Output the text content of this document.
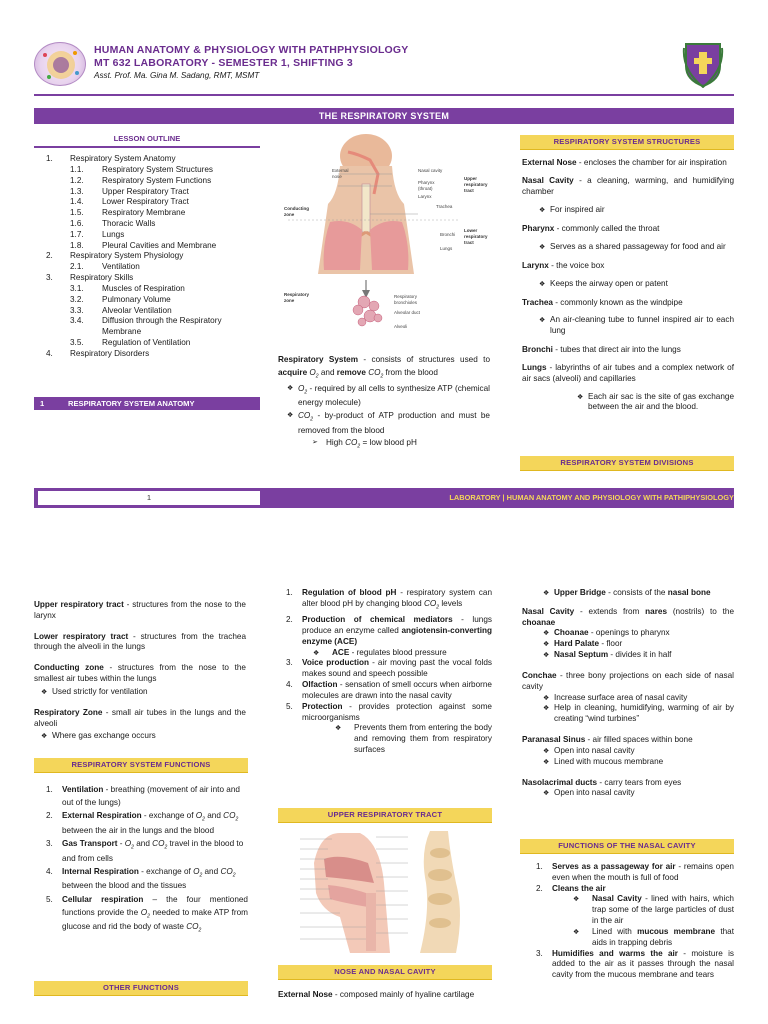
HUMAN ANATOMY & PHYSIOLOGY WITH PATHPHYSIOLOGY
MT 632 LABORATORY - SEMESTER 1, SHIFTING 3
Asst. Prof. Ma. Gina M. Sadang, RMT, MSMT
THE RESPIRATORY SYSTEM
LESSON OUTLINE
1. Respiratory System Anatomy
1.1. Respiratory System Structures
1.2. Respiratory System Functions
1.3. Upper Respiratory Tract
1.4. Lower Respiratory Tract
1.5. Respiratory Membrane
1.6. Thoracic Walls
1.7. Lungs
1.8. Pleural Cavities and Membrane
2. Respiratory System Physiology
2.1. Ventilation
3. Respiratory Skills
3.1. Muscles of Respiration
3.2. Pulmonary Volume
3.3. Alveolar Ventilation
3.4. Diffusion through the Respiratory Membrane
3.5. Regulation of Ventilation
4. Respiratory Disorders
1	RESPIRATORY SYSTEM ANATOMY
External nose
Nasal cavity
Pharynx (throat)
Larynx
Trachea
Bronchi
Lungs
Upper respiratory tract
Lower respiratory tract
Conducting zone
Respiratory zone
Respiratory bronchioles
Alveolar duct
Alveoli

Respiratory System - consists of structures used to acquire $O_2$ and remove $CO_2$ from the blood

❖ $O_2$ - required by all cells to synthesize ATP (chemical energy molecule)
❖ $CO_2$ - by-product of ATP production and must be removed from the blood
➢ High $CO_2$ = low blood pH
RESPIRATORY SYSTEM STRUCTURES

External Nose - encloses the chamber for air inspiration

Nasal Cavity - a cleaning, warming, and humidifying chamber

❖ For inspired air

Pharynx - commonly called the throat

❖ Serves as a shared passageway for food and air

Larynx - the voice box

❖ Keeps the airway open or patent

Trachea - commonly known as the windpipe

❖ An air-cleaning tube to funnel inspired air to each lung

Bronchi - tubes that direct air into the lungs

Lungs - labyrinths of air tubes and a complex network of air sacs (alveoli) and capillaries

❖ Each air sac is the site of gas exchange between the air and the blood.

RESPIRATORY SYSTEM DIVISIONS
1	LABORATORY | HUMAN ANATOMY AND PHYSIOLOGY WITH PATHIPHYSIOLOGY

Upper respiratory tract - structures from the nose to the larynx

Lower respiratory tract - structures from the trachea through the alveoli in the lungs

Conducting zone - structures from the nose to the smallest air tubes within the lungs

❖ Used strictly for ventilation

Respiratory Zone - small air tubes in the lungs and the alveoli

❖ Where gas exchange occurs
RESPIRATORY SYSTEM FUNCTIONS
1. Ventilation - breathing (movement of air into and out of the lungs)
2. External Respiration - exchange of $O_2$ and $CO_2$ between the air in the lungs and the blood
3. Gas Transport - $O_2$ and $CO_2$ travel in the blood to and from cells
4. Internal Respiration - exchange of $O_2$ and $CO_2$ between the blood and the tissues
5. Cellular respiration – the four mentioned functions provide the $O_2$ needed to make ATP from glucose and rid the body of waste $CO_2$
OTHER FUNCTIONS
1. Regulation of blood pH - respiratory system can alter blood pH by changing blood $CO_2$ levels
2. Production of chemical mediators - lungs produce an enzyme called angiotensin-converting enzyme (ACE)
❖ ACE - regulates blood pressure
3. Voice production - air moving past the vocal folds makes sound and speech possible
4. Olfaction - sensation of smell occurs when airborne molecules are drawn into the nasal cavity
5. Protection - provides protection against some microorganisms
❖ Prevents them from entering the body and removing them from respiratory surfaces
UPPER RESPIRATORY TRACT
NOSE AND NASAL CAVITY
External Nose - composed mainly of hyaline cartilage
❖ Upper Bridge - consists of the nasal bone

Nasal Cavity - extends from nares (nostrils) to the choanae

❖ Choanae - openings to pharynx
❖ Hard Palate - floor
❖ Nasal Septum - divides it in half

Conchae - three bony projections on each side of nasal cavity

❖ Increase surface area of nasal cavity
❖ Help in cleaning, humidifying, warming of air by creating “wind turbines”

Paranasal Sinus - air filled spaces within bone

❖ Open into nasal cavity
❖ Lined with mucous membrane

Nasolacrimal ducts - carry tears from eyes

❖ Open into nasal cavity
FUNCTIONS OF THE NASAL CAVITY
1. Serves as a passageway for air - remains open even when the mouth is full of food
2. Cleans the air
❖ Nasal Cavity - lined with hairs, which trap some of the large particles of dust in the air
❖ Lined with mucous membrane that aids in trapping debris
3. Humidifies and warms the air - moisture is added to the air as it passes through the nasal cavity from the mucous membrane and tears
